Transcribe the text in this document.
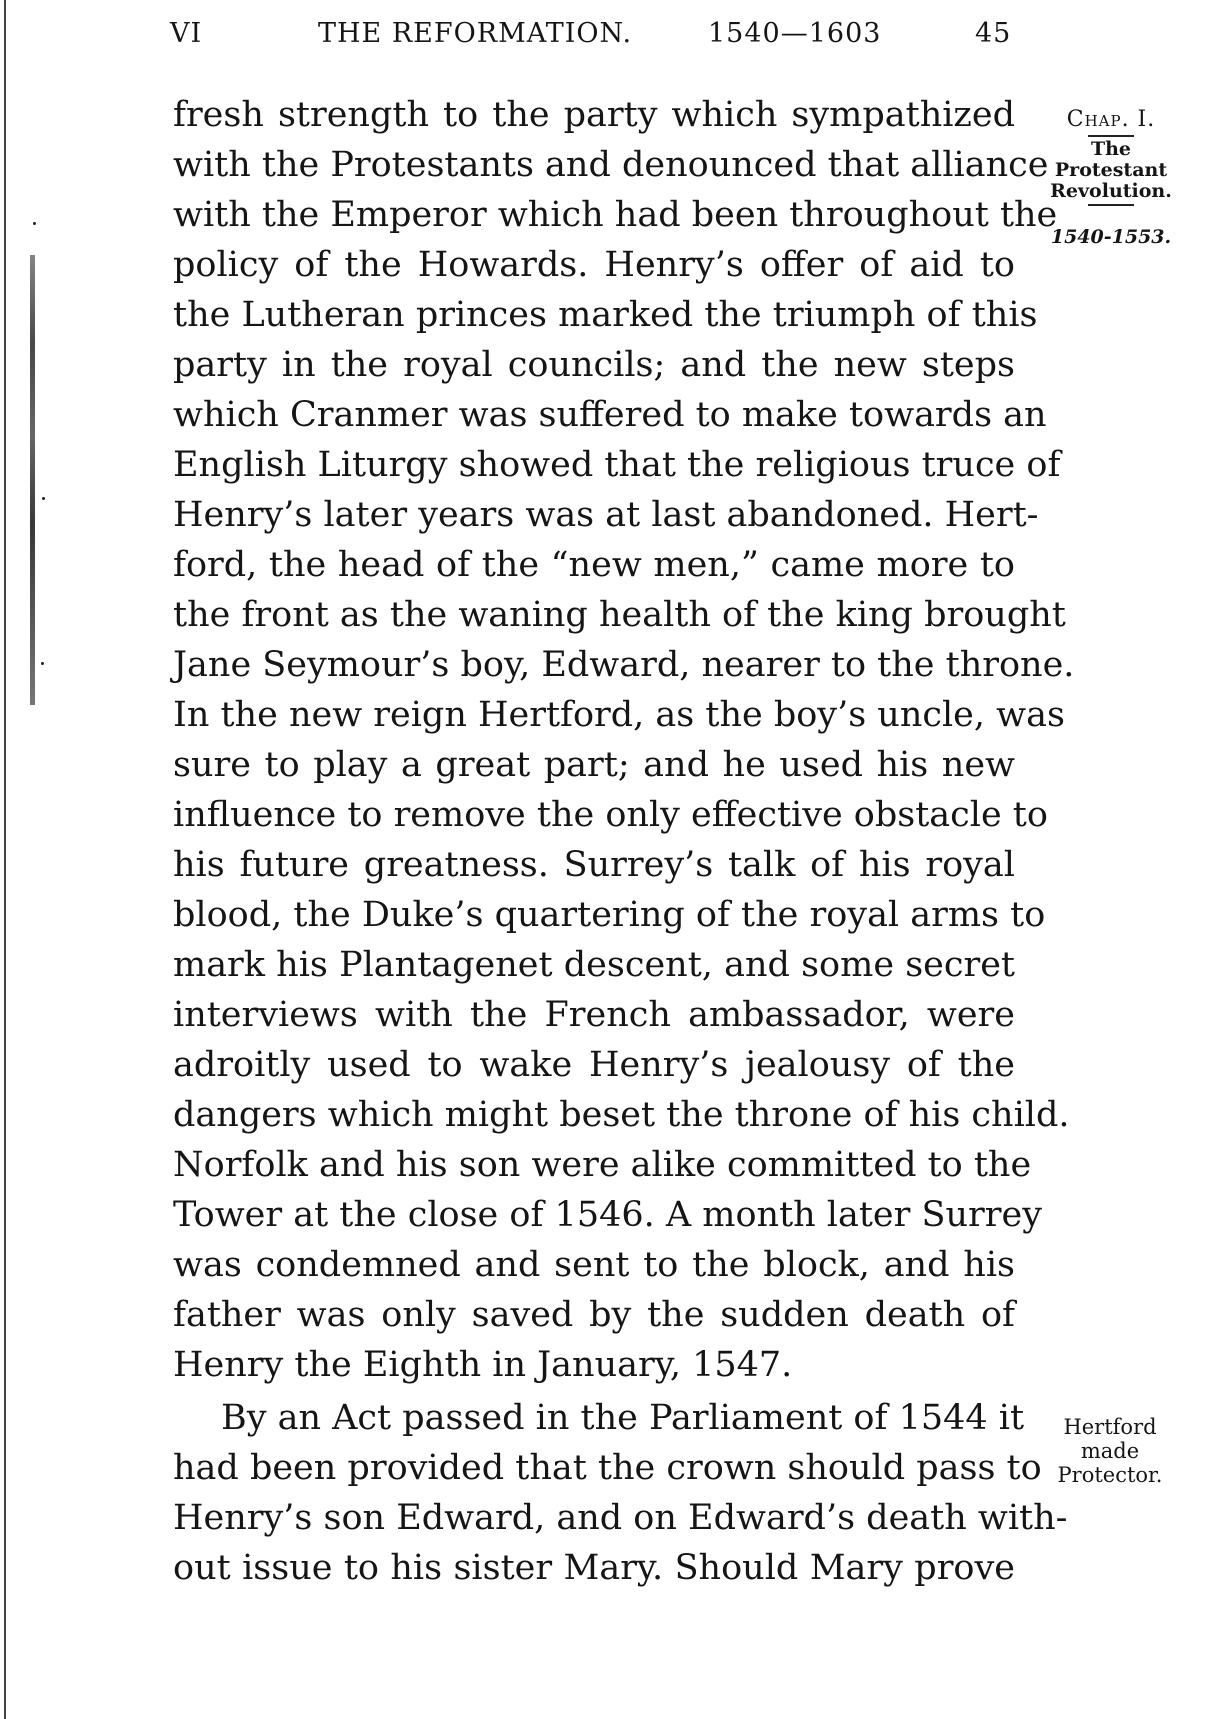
VI	THE REFORMATION.	1540—1603	45
fresh strength to the party which sympathized
with the Protestants and denounced that alliance
with the Emperor which had been throughout the
policy of the Howards. Henry’s offer of aid to
the Lutheran princes marked the triumph of this
party in the royal councils; and the new steps
which Cranmer was suffered to make towards an
English Liturgy showed that the religious truce of
Henry’s later years was at last abandoned. Hert-
ford, the head of the “new men,” came more to
the front as the waning health of the king brought
Jane Seymour’s boy, Edward, nearer to the throne.
In the new reign Hertford, as the boy’s uncle, was
sure to play a great part; and he used his new
influence to remove the only effective obstacle to
his future greatness. Surrey’s talk of his royal
blood, the Duke’s quartering of the royal arms to
mark his Plantagenet descent, and some secret
interviews with the French ambassador, were
adroitly used to wake Henry’s jealousy of the
dangers which might beset the throne of his child.
Norfolk and his son were alike committed to the
Tower at the close of 1546. A month later Surrey
was condemned and sent to the block, and his
father was only saved by the sudden death of
Henry the Eighth in January, 1547.
By an Act passed in the Parliament of 1544 it
had been provided that the crown should pass to
Henry’s son Edward, and on Edward’s death with-
out issue to his sister Mary. Should Mary prove
Chap. I.
The
Protestant
Revolution.
1540-1553.
Hertford
made
Protector.
